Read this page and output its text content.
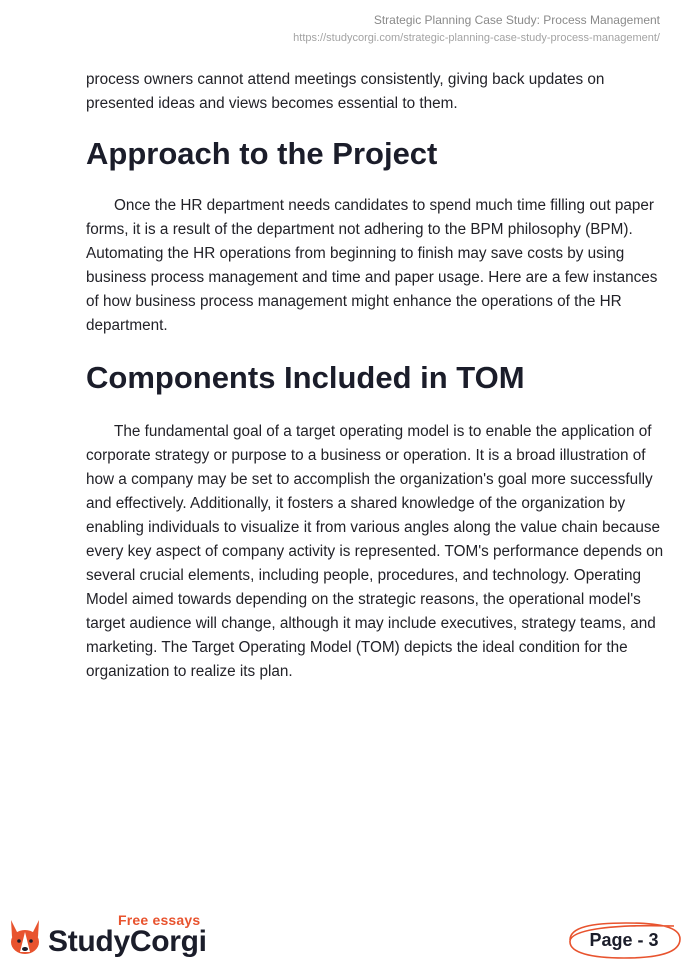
Strategic Planning Case Study: Process Management
https://studycorgi.com/strategic-planning-case-study-process-management/

process owners cannot attend meetings consistently, giving back updates on presented ideas and views becomes essential to them.

Approach to the Project

Once the HR department needs candidates to spend much time filling out paper forms, it is a result of the department not adhering to the BPM philosophy (BPM). Automating the HR operations from beginning to finish may save costs by using business process management and time and paper usage. Here are a few instances of how business process management might enhance the operations of the HR department.

Components Included in TOM

The fundamental goal of a target operating model is to enable the application of corporate strategy or purpose to a business or operation. It is a broad illustration of how a company may be set to accomplish the organization's goal more successfully and effectively. Additionally, it fosters a shared knowledge of the organization by enabling individuals to visualize it from various angles along the value chain because every key aspect of company activity is represented. TOM's performance depends on several crucial elements, including people, procedures, and technology. Operating Model aimed towards depending on the strategic reasons, the operational model's target audience will change, although it may include executives, strategy teams, and marketing. The Target Operating Model (TOM) depicts the ideal condition for the organization to realize its plan.

Free essays
StudyCorgi	Page - 3
